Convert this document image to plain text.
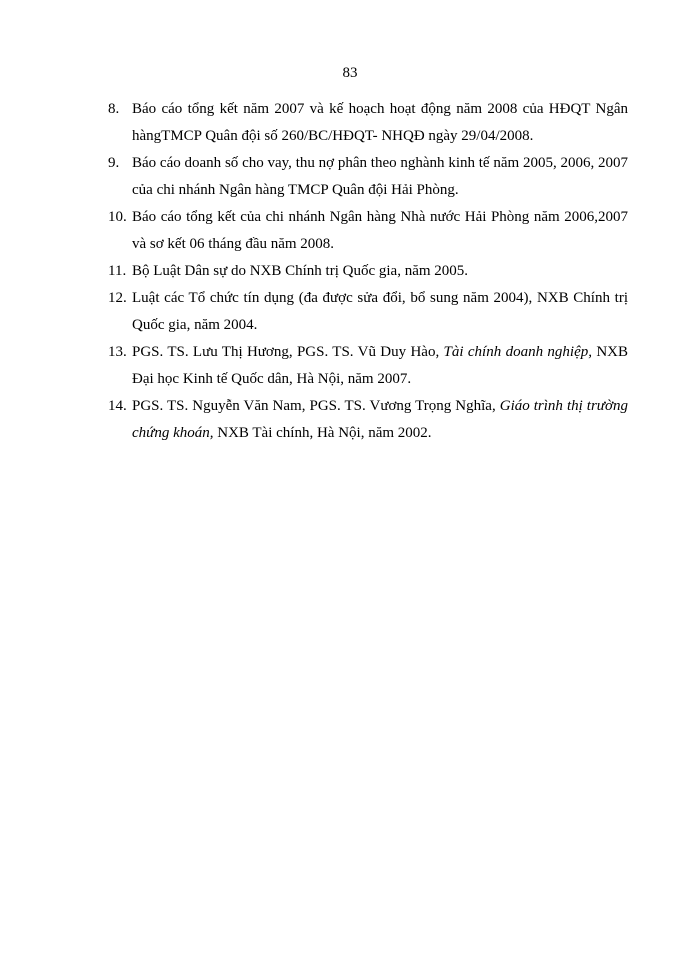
83
8. Báo cáo tổng kết năm 2007 và kế hoạch hoạt động năm 2008 của HĐQT Ngân hàngTMCP Quân đội số 260/BC/HĐQT- NHQĐ ngày 29/04/2008.
9. Báo cáo doanh số cho vay, thu nợ phân theo nghành kinh tế năm 2005, 2006, 2007 của chi nhánh Ngân hàng TMCP Quân đội Hải Phòng.
10. Báo cáo tổng kết của chi nhánh Ngân hàng Nhà nước Hải Phòng năm 2006,2007 và sơ kết 06 tháng đầu năm 2008.
11. Bộ Luật Dân sự do NXB Chính trị Quốc gia, năm 2005.
12. Luật các Tổ chức tín dụng (đa được sửa đổi, bổ sung năm 2004), NXB Chính trị Quốc gia, năm 2004.
13. PGS. TS. Lưu Thị Hương, PGS. TS. Vũ Duy Hào, Tài chính doanh nghiệp, NXB Đại học Kinh tế Quốc dân, Hà Nội, năm 2007.
14. PGS. TS. Nguyễn Văn Nam, PGS. TS. Vương Trọng Nghĩa, Giáo trình thị trường chứng khoán, NXB Tài chính, Hà Nội, năm 2002.
